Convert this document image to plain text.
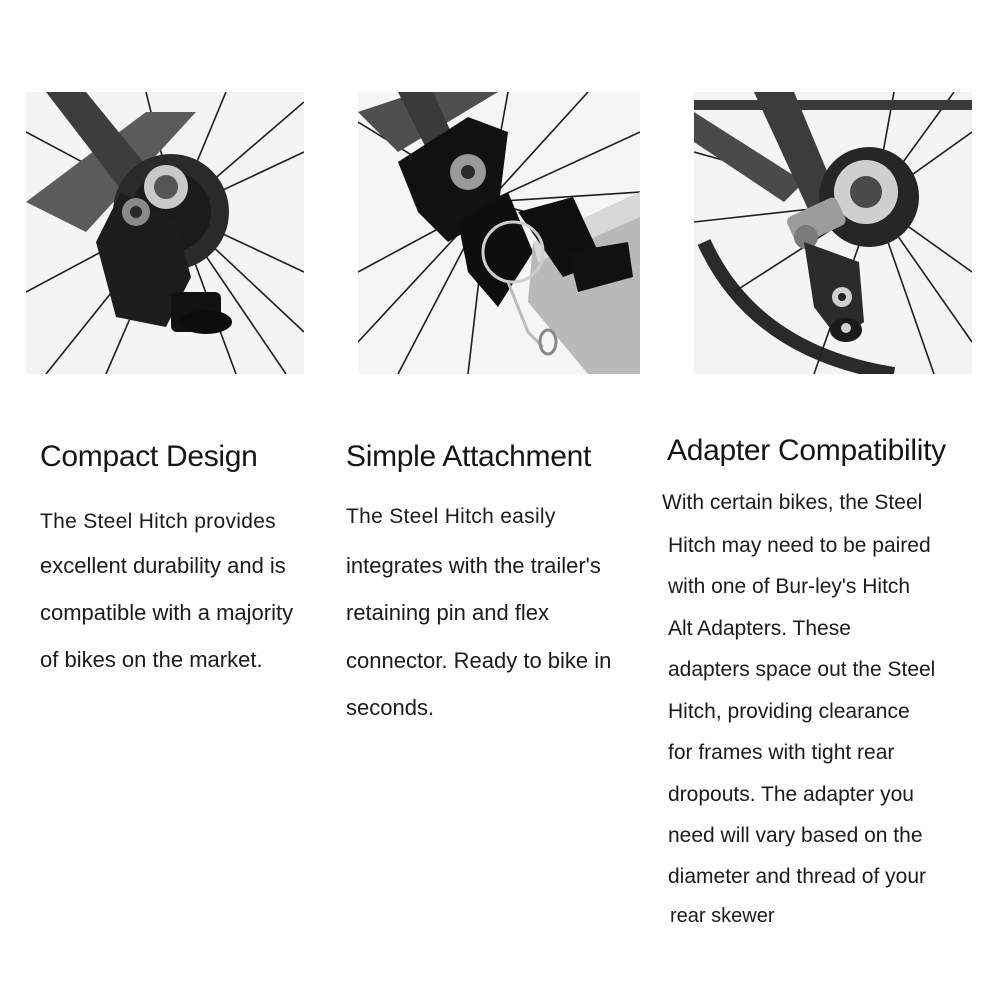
Compact Design
The Steel Hitch provides
excellent durability and is
compatible with a majority
of bikes on the market.
Simple Attachment
The Steel Hitch easily
integrates with the trailer's
retaining pin and flex
connector. Ready to bike in
seconds.
Adapter Compatibility
With certain bikes, the Steel
Hitch may need to be paired
with one of Bur-ley's Hitch
Alt Adapters. These
adapters space out the Steel
Hitch, providing clearance
for frames with tight rear
dropouts. The adapter you
need will vary based on the
diameter and thread of your
rear skewer
